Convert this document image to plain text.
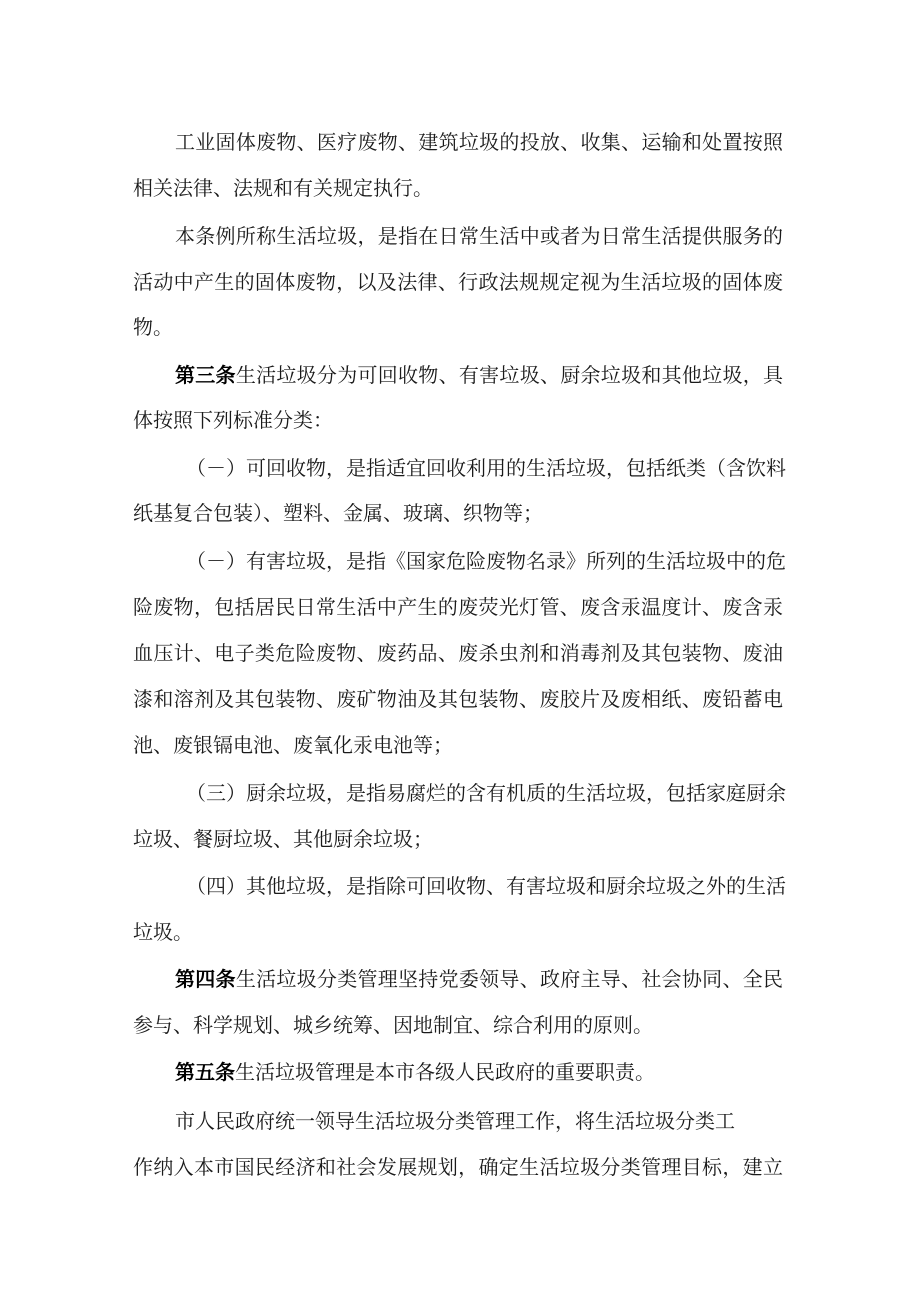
工业固体废物、医疗废物、建筑垃圾的投放、收集、运输和处置按照
相关法律、法规和有关规定执行。
本条例所称生活垃圾，是指在日常生活中或者为日常生活提供服务的
活动中产生的固体废物，以及法律、行政法规规定视为生活垃圾的固体废
物。
第三条生活垃圾分为可回收物、有害垃圾、厨余垃圾和其他垃圾，具
体按照下列标准分类：
（－）可回收物，是指适宜回收利用的生活垃圾，包括纸类（含饮料
纸基复合包装）、塑料、金属、玻璃、织物等；
（－）有害垃圾，是指《国家危险废物名录》所列的生活垃圾中的危
险废物，包括居民日常生活中产生的废荧光灯管、废含汞温度计、废含汞
血压计、电子类危险废物、废药品、废杀虫剂和消毒剂及其包装物、废油
漆和溶剂及其包装物、废矿物油及其包装物、废胶片及废相纸、废铅蓄电
池、废银镉电池、废氧化汞电池等；
（三）厨余垃圾，是指易腐烂的含有机质的生活垃圾，包括家庭厨余
垃圾、餐厨垃圾、其他厨余垃圾；
（四）其他垃圾，是指除可回收物、有害垃圾和厨余垃圾之外的生活
垃圾。
第四条生活垃圾分类管理坚持党委领导、政府主导、社会协同、全民
参与、科学规划、城乡统筹、因地制宜、综合利用的原则。
第五条生活垃圾管理是本市各级人民政府的重要职责。
市人民政府统一领导生活垃圾分类管理工作，将生活垃圾分类工
作纳入本市国民经济和社会发展规划，确定生活垃圾分类管理目标，建立
